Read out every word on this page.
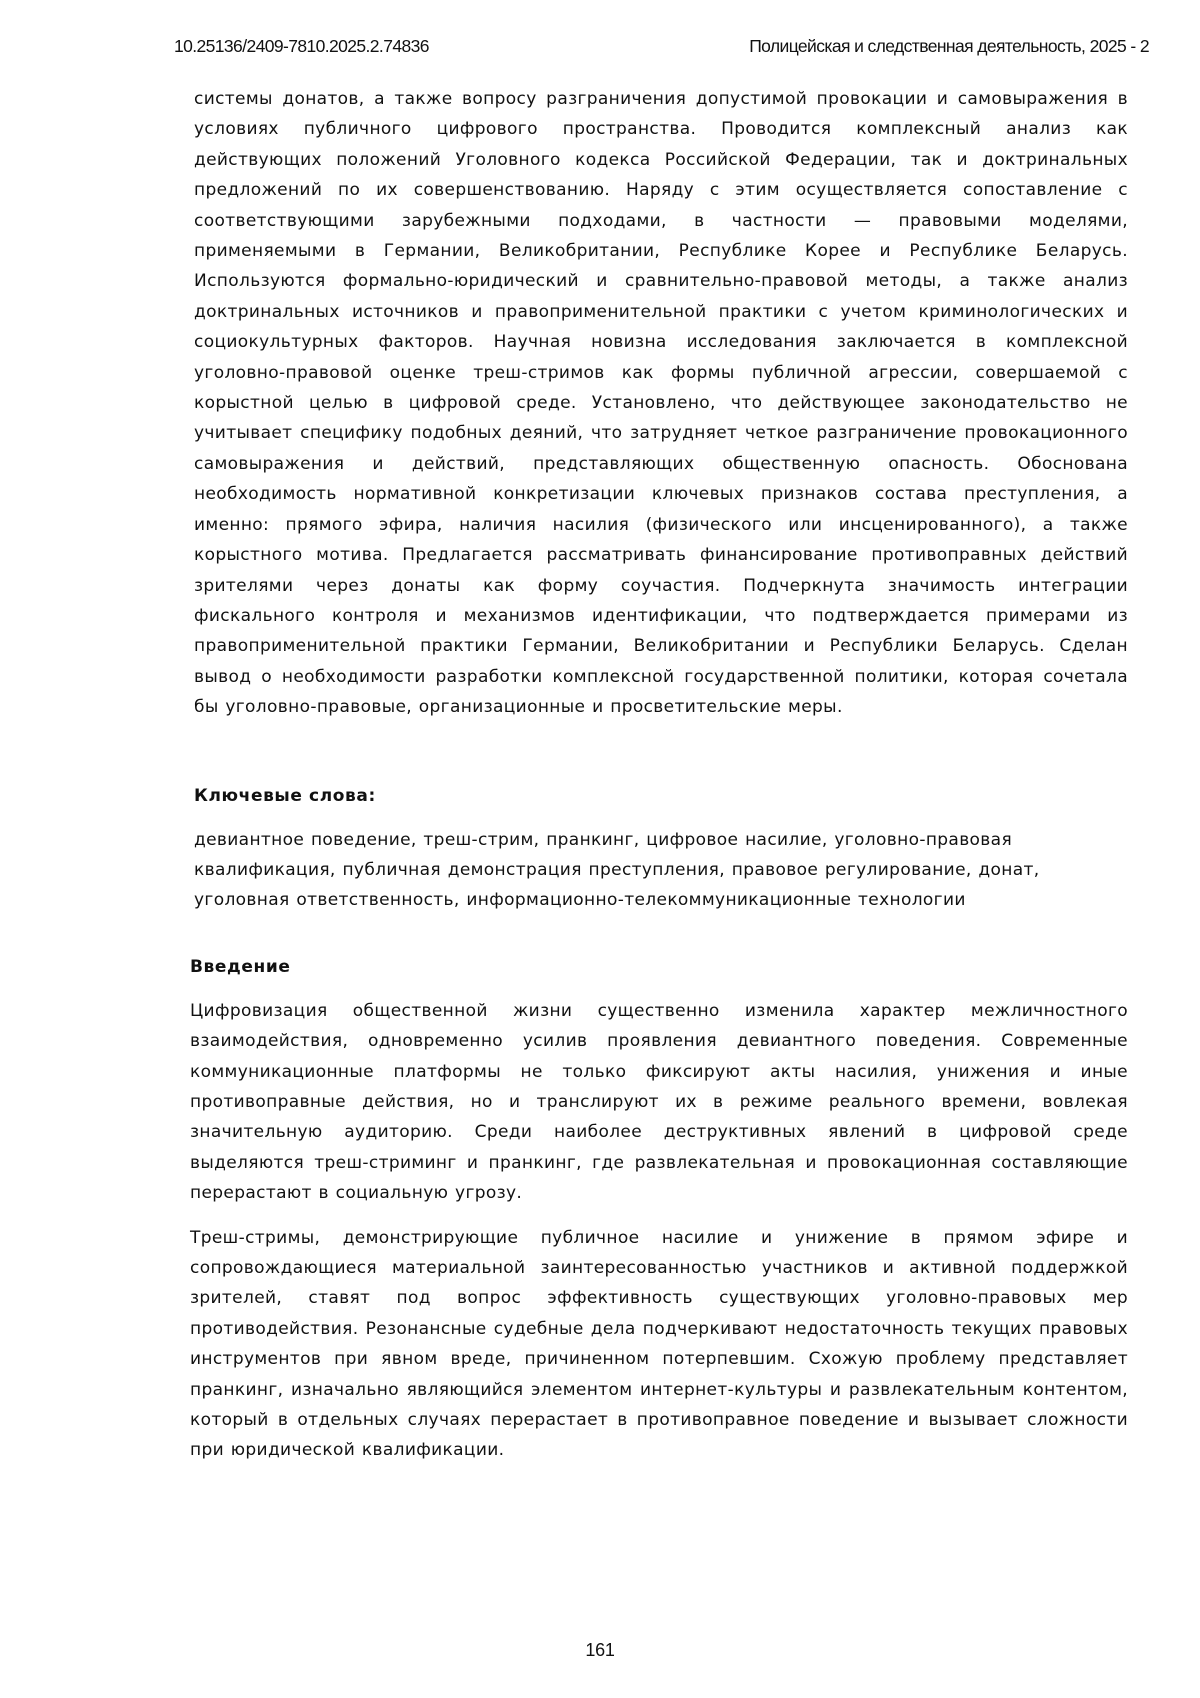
10.25136/2409-7810.2025.2.74836	Полицейская и следственная деятельность, 2025 - 2

системы донатов, а также вопросу разграничения допустимой провокации и самовыражения в условиях публичного цифрового пространства. Проводится комплексный анализ как действующих положений Уголовного кодекса Российской Федерации, так и доктринальных предложений по их совершенствованию. Наряду с этим осуществляется сопоставление с соответствующими зарубежными подходами, в частности — правовыми моделями, применяемыми в Германии, Великобритании, Республике Корее и Республике Беларусь. Используются формально-юридический и сравнительно-правовой методы, а также анализ доктринальных источников и правоприменительной практики с учетом криминологических и социокультурных факторов. Научная новизна исследования заключается в комплексной уголовно-правовой оценке треш-стримов как формы публичной агрессии, совершаемой с корыстной целью в цифровой среде. Установлено, что действующее законодательство не учитывает специфику подобных деяний, что затрудняет четкое разграничение провокационного самовыражения и действий, представляющих общественную опасность. Обоснована необходимость нормативной конкретизации ключевых признаков состава преступления, а именно: прямого эфира, наличия насилия (физического или инсценированного), а также корыстного мотива. Предлагается рассматривать финансирование противоправных действий зрителями через донаты как форму соучастия. Подчеркнута значимость интеграции фискального контроля и механизмов идентификации, что подтверждается примерами из правоприменительной практики Германии, Великобритании и Республики Беларусь. Сделан вывод о необходимости разработки комплексной государственной политики, которая сочетала бы уголовно-правовые, организационные и просветительские меры.

Ключевые слова:

девиантное поведение, треш-стрим, пранкинг, цифровое насилие, уголовно-правовая квалификация, публичная демонстрация преступления, правовое регулирование, донат, уголовная ответственность, информационно-телекоммуникационные технологии

Введение

Цифровизация общественной жизни существенно изменила характер межличностного взаимодействия, одновременно усилив проявления девиантного поведения. Современные коммуникационные платформы не только фиксируют акты насилия, унижения и иные противоправные действия, но и транслируют их в режиме реального времени, вовлекая значительную аудиторию. Среди наиболее деструктивных явлений в цифровой среде выделяются треш-стриминг и пранкинг, где развлекательная и провокационная составляющие перерастают в социальную угрозу.

Треш-стримы, демонстрирующие публичное насилие и унижение в прямом эфире и сопровождающиеся материальной заинтересованностью участников и активной поддержкой зрителей, ставят под вопрос эффективность существующих уголовно-правовых мер противодействия. Резонансные судебные дела подчеркивают недостаточность текущих правовых инструментов при явном вреде, причиненном потерпевшим. Схожую проблему представляет пранкинг, изначально являющийся элементом интернет-культуры и развлекательным контентом, который в отдельных случаях перерастает в противоправное поведение и вызывает сложности при юридической квалификации.

161
